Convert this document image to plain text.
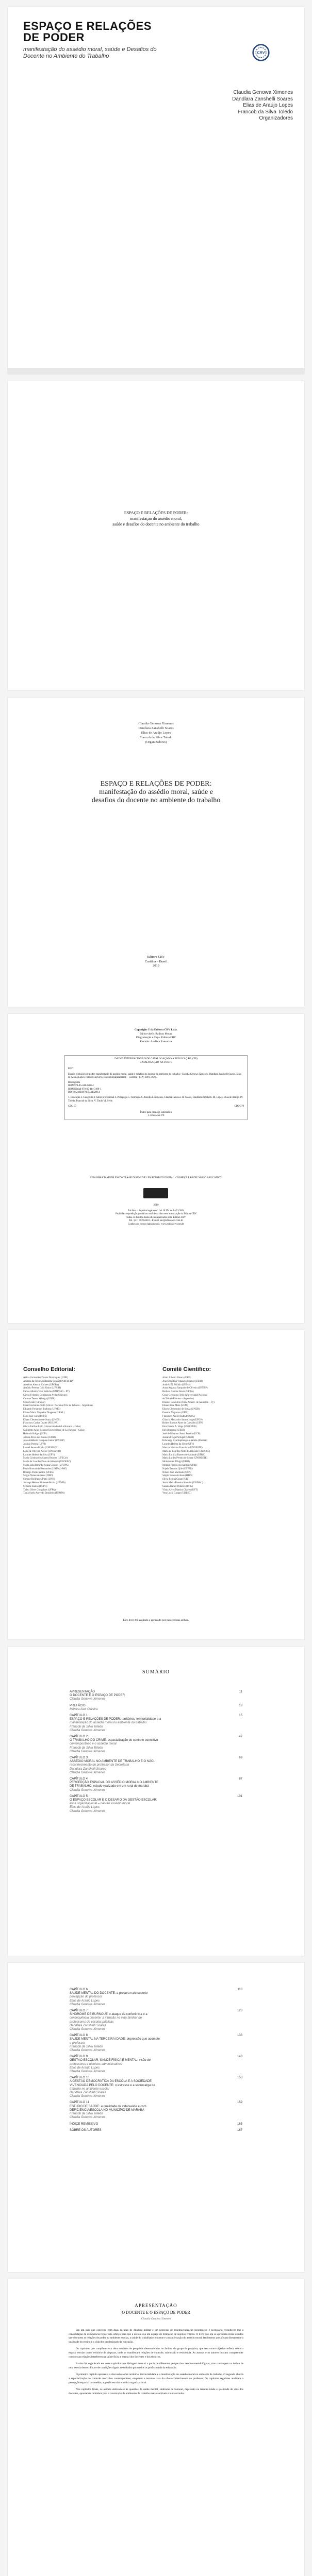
ESPAÇO E RELAÇÕES
DE PODER
manifestação do assédio moral, saúde e Desafios do Docente no Ambiente do Trabalho
CRV
Claudia Genowa Ximenes
Dandlara Zanshelli Soares
Elias de Araújo Lopes
Francob da Silva Toledo
Organizadores
ESPAÇO E RELAÇÕES DE PODER:
manifestação do assédio moral,
saúde e desafios do docente no ambiente do trabalho
Claudia Genowa Ximenes
Dandlara Zanshelli Soares
Elias de Araújo Lopes
Francob da Silva Toledo
(Organizadores)
ESPAÇO E RELAÇÕES DE PODER:
manifestação do assédio moral, saúde e
desafios do docente no ambiente do trabalho
Editora CRV
Curitiba – Brasil
2019
Copyright © da Editora CRV Ltda.
Editor-chefe: Railson Moura
Diagramação e Capa: Editora CRV
Revisão: Analista Executiva
DADOS INTERNACIONAIS DE CATALOGAÇÃO NA PUBLICAÇÃO (CIP)
CATALOGAÇÃO NA FONTE
E677
Espaço e relações de poder: manifestação do assédio moral, saúde e desafios do docente no ambiente do trabalho / Claudia Genowa Ximenes, Dandlara Zanshelli Soares, Elias de Araújo Lopes, Francob da Silva Toledo (organizadores). – Curitiba : CRV, 2019. 162 p.
Bibliografia
ISBN 978-85-444-3200-4
ISBN Digital 978-85-444-3199-1
DOI 10.24824/978854443200.4
1. Educação 2. Geografia 3. Saber profissional 4. Pedagogia 5. Formação 6. Assédio I. Ximenes, Claudia Genowa. II. Soares, Dandlara Zanshelli. III. Lopes, Elias de Araújo. IV. Toledo, Francob da Silva. V. Título VI. Série.
CDU 37	CDD 370
Índice para catálogo sistemático
1. Educação 370
ESTA OBRA TAMBÉM ENCONTRA-SE DISPONÍVEL EM FORMATO DIGITAL. CONHEÇA E BAIXE NOSSO APLICATIVO!
2019
Foi feito o depósito legal conf. Lei 10.994 de 14/12/2004
Proibida a reprodução parcial ou total desta obra sem autorização da Editora CRV
Todos os direitos desta edição reservados pela: Editora CRV
Tel.: (41) 3039-6418 – E-mail: sac@editoracrv.com.br
Conheça os nossos lançamentos: www.editoracrv.com.br
Conselho Editorial:
Aldira Guimarães Duarte Domínguez (UNB)
Andréia da Silva Quintanilha Sousa (UNIR/UFRN)
Anselmo Alencar Colares (UFOPA)
Antônio Pereira Gaio Júnior (UFRRJ)
Carlos Alberto Vilar Estêvão (UMINHO – PT)
Carlos Federico Dominguez Avila (Unieuro)
Carmen Tereza Velanga (UNIR)
Celso Conti (UFSCar)
Cesar Gerónimo Tello (Univer. Nacional Três de Febrero – Argentina)
Eduardo Fernandes Barbosa (UFMG)
Elione Maria Nogueira Diogenes (UFAL)
Élsio José Corá (UFFS)
Elizeu Clementino de Souza (UNEB)
Francisco Carlos Duarte (PUC-PR)
Gloria Fariñas León (Universidade de La Havana – Cuba)
Guillermo Arias Beatón (Universidade de La Havana – Cuba)
Helmuth Krüger (UCP)
Jailson Alves dos Santos (UFRJ)
João Adalberto Campato Junior (UNESP)
Josania Portela (UFPI)
Leonel Severo Rocha (UNISINOS)
Lídia de Oliveira Xavier (UNIEURO)
Lourdes Helena da Silva (UFV)
Maria Cristina dos Santos Bezerra (UFSCar)
Maria de Lourdes Pinto de Almeida (UNOESC)
Maria Lília Imbiriba Sousa Colares (UFOPA)
Paulo Romualdo Hernandes (UNIFAL-MG)
Rodrigo Pratte-Santos (UFES)
Sérgio Nunes de Jesus (IFRO)
Simone Rodrigues Pinto (UNB)
Solange Helena Ximenes-Rocha (UFOPA)
Sydione Santos (UEPG)
Tadeu Oliver Gonçalves (UFPA)
Tania Suely Azevedo Brasileiro (UFOPA)
Comitê Científico:
Altair Alberto Fávero (UPF)
Ana Chrystina Venancio Mignot (UERJ)
Andréia N. Militão (UEMS)
Anna Augusta Sampaio de Oliveira (UNESP)
Barbara Coelho Neves (UFBA)
Cesar Gerónimo Tello (Universidad Nacional
de Três de Febrero – Argentina)
Diosnel Centurion (Univ Americ. de Asunción – Py)
Eliane Rose Maio (UEM)
Elizeu Clementino de Souza (UNEB)
Fauston Negreiros (UFPI)
Francisco Ari de Andrade (UFC)
Gláucia Maria dos Santos Jorge (UFOP)
Helder Buenos Aires de Carvalho (UFPI)
Ilma Passos A. Veiga (UNICEUB)
Inês Bragança (UERJ)
José de Ribamar Sousa Pereira (UCB)
Jussara Fraga Portugal (UNEB)
Kilwangy Kya Kapitango-a-Samba (Unemat)
Lourdes Helena da Silva (UFV)
Marcos Vinicius Francisco (UNOESTE)
Maria de Lourdes Pinto de Almeida (UNOESC)
Maria Eurácia Barreto de Andrade (UFRB)
Maria Lurdes Pereira de Souza (UNIOESTE)
Mohammed Elhajji (UFRJ)
Mônica Pereira dos Santos (UFRJ)
Najela Tavares Ujiie (UTFPR)
Nilson José Machado (USP)
Sérgio Nunes de Jesus (IFRO)
Silvia Regina Canan (URI)
Sonia Maria Ferreira Koehler (UNISAL)
Susana Rafael Pinheiro (UFG)
Vânia Alves Martins Chaves (UFT)
Vera Lucia Gaspar (UDESC)
Este livro foi avaliado e aprovado por pareceristas ad hoc.
SUMÁRIO
APRESENTAÇÃO	11
O DOCENTE E O ESPAÇO DE PODER
Claudia Genowa Ximenes
PREFÁCIO	13
Mônica Aiex Oliveira
CAPÍTULO 1	15
ESPAÇO E RELAÇÕES DE PODER: territórios, territorialidade e a
manifestação do assédio moral no ambiente do trabalho
Francob da Silva Toledo
Claudia Genowa Ximenes
CAPÍTULO 2	47
O TRABALHO DO CRIME: espacialização do controle coercitivo
contemporâneo e o assédio moral
Francob da Silva Toledo
Claudia Genowa Ximenes
CAPÍTULO 3	69
ASSÉDIO MORAL NO AMBIENTE DE TRABALHO E O NÃO-
reconhecimento do professor da Secretaria
Dandlara Zanshelli Soares
Claudia Genowa Ximenes
CAPÍTULO 4	87
PERCEPÇÃO ESPACIAL DO ASSÉDIO MORAL NO AMBIENTE
DE TRABALHO: estudo realizado em um rural de marabá
Claudia Genowa Ximenes
CAPÍTULO 5	101
O ESPAÇO ESCOLAR E O DESAFIO DA GESTÃO ESCOLAR:
ética organizacional – não ao assédio moral
Elias de Araújo Lopes
Claudia Genowa Ximenes
CAPÍTULO 6	113
SAÚDE MENTAL DO DOCENTE: a procura na/o suporte
percepção do professor
Elias de Araújo Lopes
Claudia Genowa Ximenes
CAPÍTULO 7	123
SÍNDROME DE BURNOUT: o ataque da conferência e a
consequência docente: a intrusão na vida familiar de
professores de escolas públicas
Dandlara Zanshelli Soares
Claudia Genowa Ximenes
CAPÍTULO 8	133
SAÚDE MENTAL NA TERCEIRA IDADE: depressão que acomete
o professor
Francob da Silva Toledo
Claudia Genowa Ximenes
CAPÍTULO 9	143
GESTÃO ESCOLAR, SAÚDE FÍSICA E MENTAL: visão de
professores e técnicos administrativos
Elias de Araújo Lopes
Claudia Genowa Ximenes
CAPÍTULO 10	153
A GESTÃO DEMOCRÁTICA DA ESCOLA E A SOCIEDADE
VIVENCIADA PELO DOCENTE: o estresse e a sobrecarga de
trabalho no ambiente escolar
Dandlara Zanshelli Soares
Claudia Genowa Ximenes
CAPÍTULO 11	159
ESTUDO DE SAÚDE: a qualidade de vida/saúde e com
DEFICIÊNCIA/ESCOLA NO MUNICÍPIO DE MARABÁ
Francob da Silva Toledo
Claudia Genowa Ximenes
ÍNDICE REMISSIVO	165
SOBRE OS AUTORES	167
APRESENTAÇÃO
O DOCENTE E O ESPAÇO DE PODER
Claudia Genowa Ximenes

Em um país que conviveu com duas décadas de ditadura militar e um processo de redemocratização incompleto, é necessário reconhecer que a consolidação da democracia requer um esforço para que a escola seja um espaço de formação de sujeitos críticos. O livro que ora se apresenta reúne estudos que discutem as relações de poder no ambiente escolar, a saúde do trabalhador docente e a manifestação do assédio moral, fenômenos que afetam diretamente a qualidade do ensino e a vida dos profissionais da educação.

Os capítulos que compõem esta obra resultam de pesquisas desenvolvidas no âmbito do grupo de pesquisa, que tem como objetivo refletir sobre o espaço escolar como território de disputas, onde se manifestam relações de controle, submissão e resistência. As autoras e os autores buscam compreender como essas relações interferem na saúde física e mental dos docentes e dos técnicos.

A obra foi organizada em onze capítulos que dialogam entre si a partir de diferentes perspectivas teórico-metodológicas, mas convergem na defesa de uma escola democrática e de condições dignas de trabalho para todos os profissionais da educação.

O primeiro capítulo apresenta a discussão sobre território, territorialidade e a manifestação do assédio moral no ambiente de trabalho. O segundo aborda a espacialização do controle coercitivo contemporâneo, enquanto o terceiro trata do não-reconhecimento do professor. Os capítulos seguintes analisam a percepção espacial do assédio, a gestão escolar e a ética organizacional.

Nos capítulos finais, os autores dedicam-se às questões de saúde mental, síndrome de burnout, depressão na terceira idade e qualidade de vida dos docentes, apontando caminhos para a construção de ambientes de trabalho mais saudáveis e humanizados.
